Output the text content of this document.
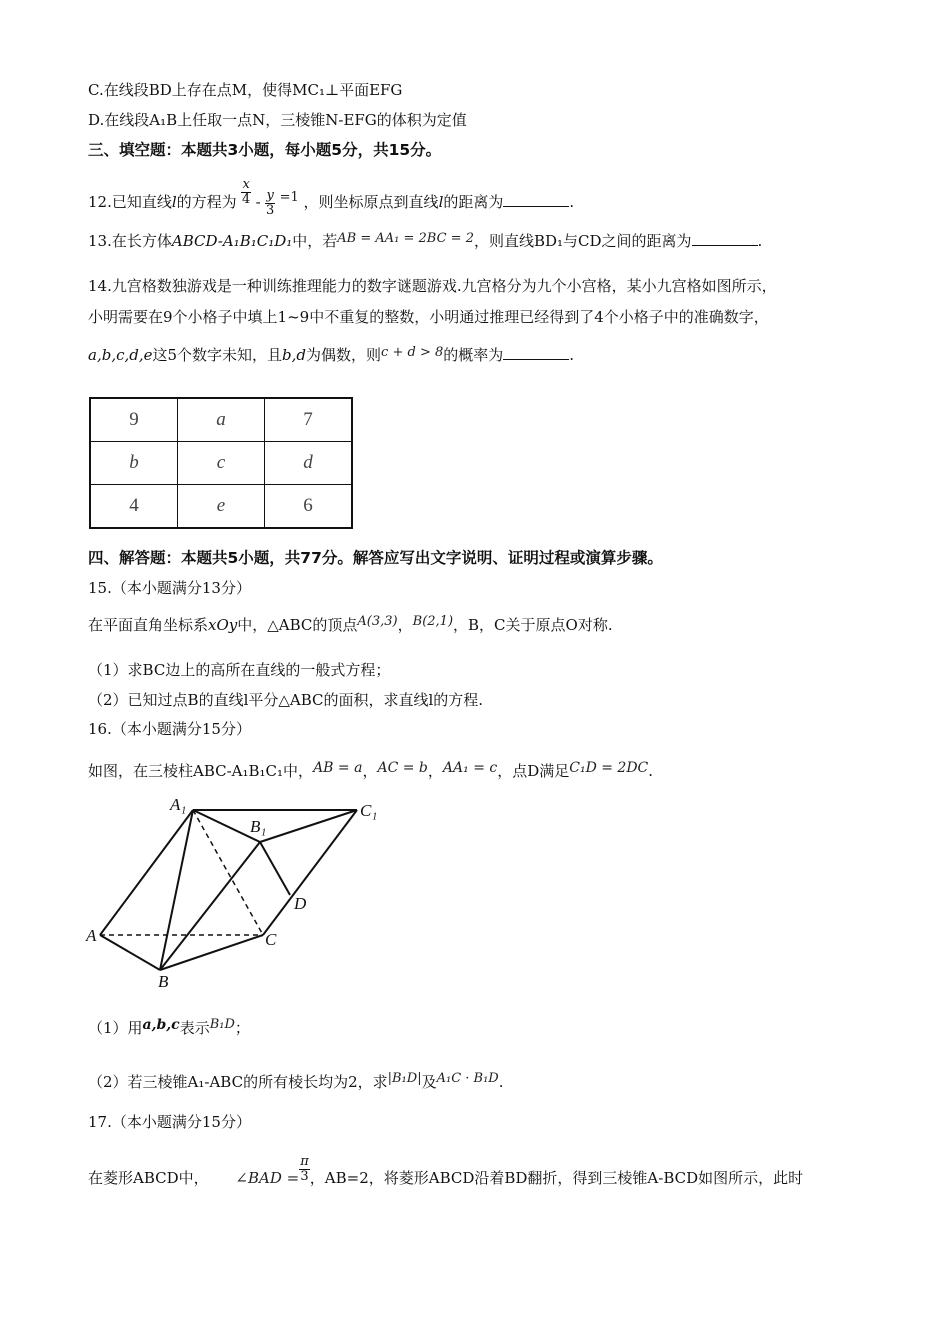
C.在线段BD上存在点M，使得MC₁⊥平面EFG
D.在线段A₁B上任取一点N，三棱锥N-EFG的体积为定值
三、填空题：本题共3小题，每小题5分，共15分。
12.已知直线l的方程为 $\frac{x}{4} - \frac{y}{3} =1$ ，则坐标原点到直线l的距离为	.
13.在长方体ABCD-A₁B₁C₁D₁中，若AB = AA₁ = 2BC = 2，则直线BD₁与CD之间的距离为	.
14.九宫格数独游戏是一种训练推理能力的数字谜题游戏.九宫格分为九个小宫格，某小九宫格如图所示，
小明需要在9个小格子中填上1~9中不重复的整数，小明通过推理已经得到了4个小格子中的准确数字，
a,b,c,d,e这5个数字未知，且b,d为偶数，则c + d > 8的概率为	.
9	a	7
b	c	d
4	e	6
四、解答题：本题共5小题，共77分。解答应写出文字说明、证明过程或演算步骤。
15.（本小题满分13分）
在平面直角坐标系xOy中，△ABC的顶点A(3,3)，B(2,1)，B，C关于原点O对称.
（1）求BC边上的高所在直线的一般式方程；
（2）已知过点B的直线l平分△ABC的面积，求直线l的方程.
16.（本小题满分15分）
如图，在三棱柱ABC-A₁B₁C₁中，AB = a，AC = b，AA₁ = c，点D满足C₁D = 2DC.
A₁
B₁
C₁
A
B
C
D
（1）用a,b,c表示B₁D；
（2）若三棱锥A₁-ABC的所有棱长均为2，求|B₁D|及A₁C · B₁D.
17.（本小题满分15分）
在菱形ABCD中， ∠BAD = $\frac{\pi}{3}$ ，AB=2，将菱形ABCD沿着BD翻折，得到三棱锥A-BCD如图所示，此时
